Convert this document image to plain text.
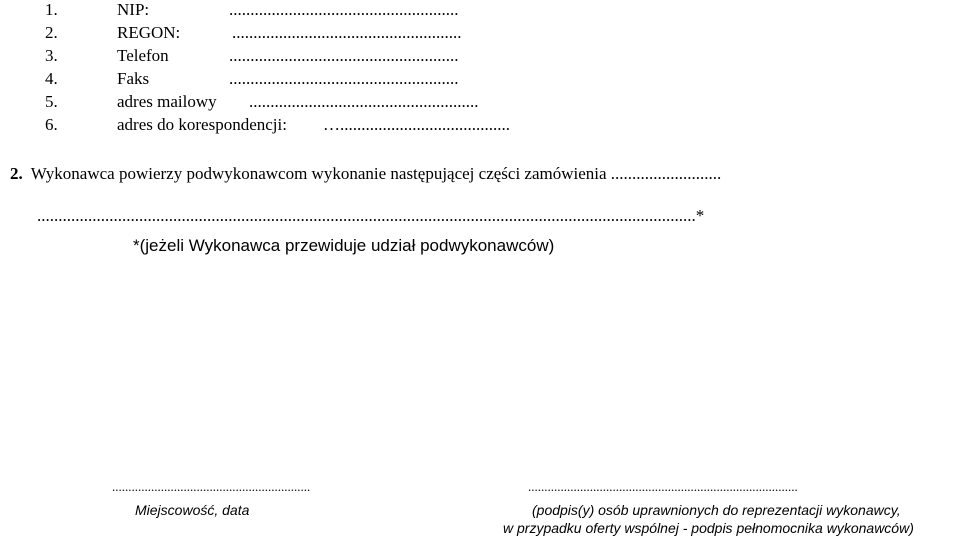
1.	NIP:	......................................................
2.	REGON:	......................................................
3.	Telefon	......................................................
4.	Faks	......................................................
5.	adres mailowy ......................................................
6.	adres do korespondencji: …........................................
2. Wykonawca powierzy podwykonawcom wykonanie następującej części zamówienia ..........................
...........................................................................................................................................................*
*(jeżeli Wykonawca przewiduje udział podwykonawców)
.............................................................
Miejscowość, data
...................................................................................
(podpis(y) osób uprawnionych do reprezentacji wykonawcy,
w przypadku oferty wspólnej - podpis pełnomocnika wykonawców)
